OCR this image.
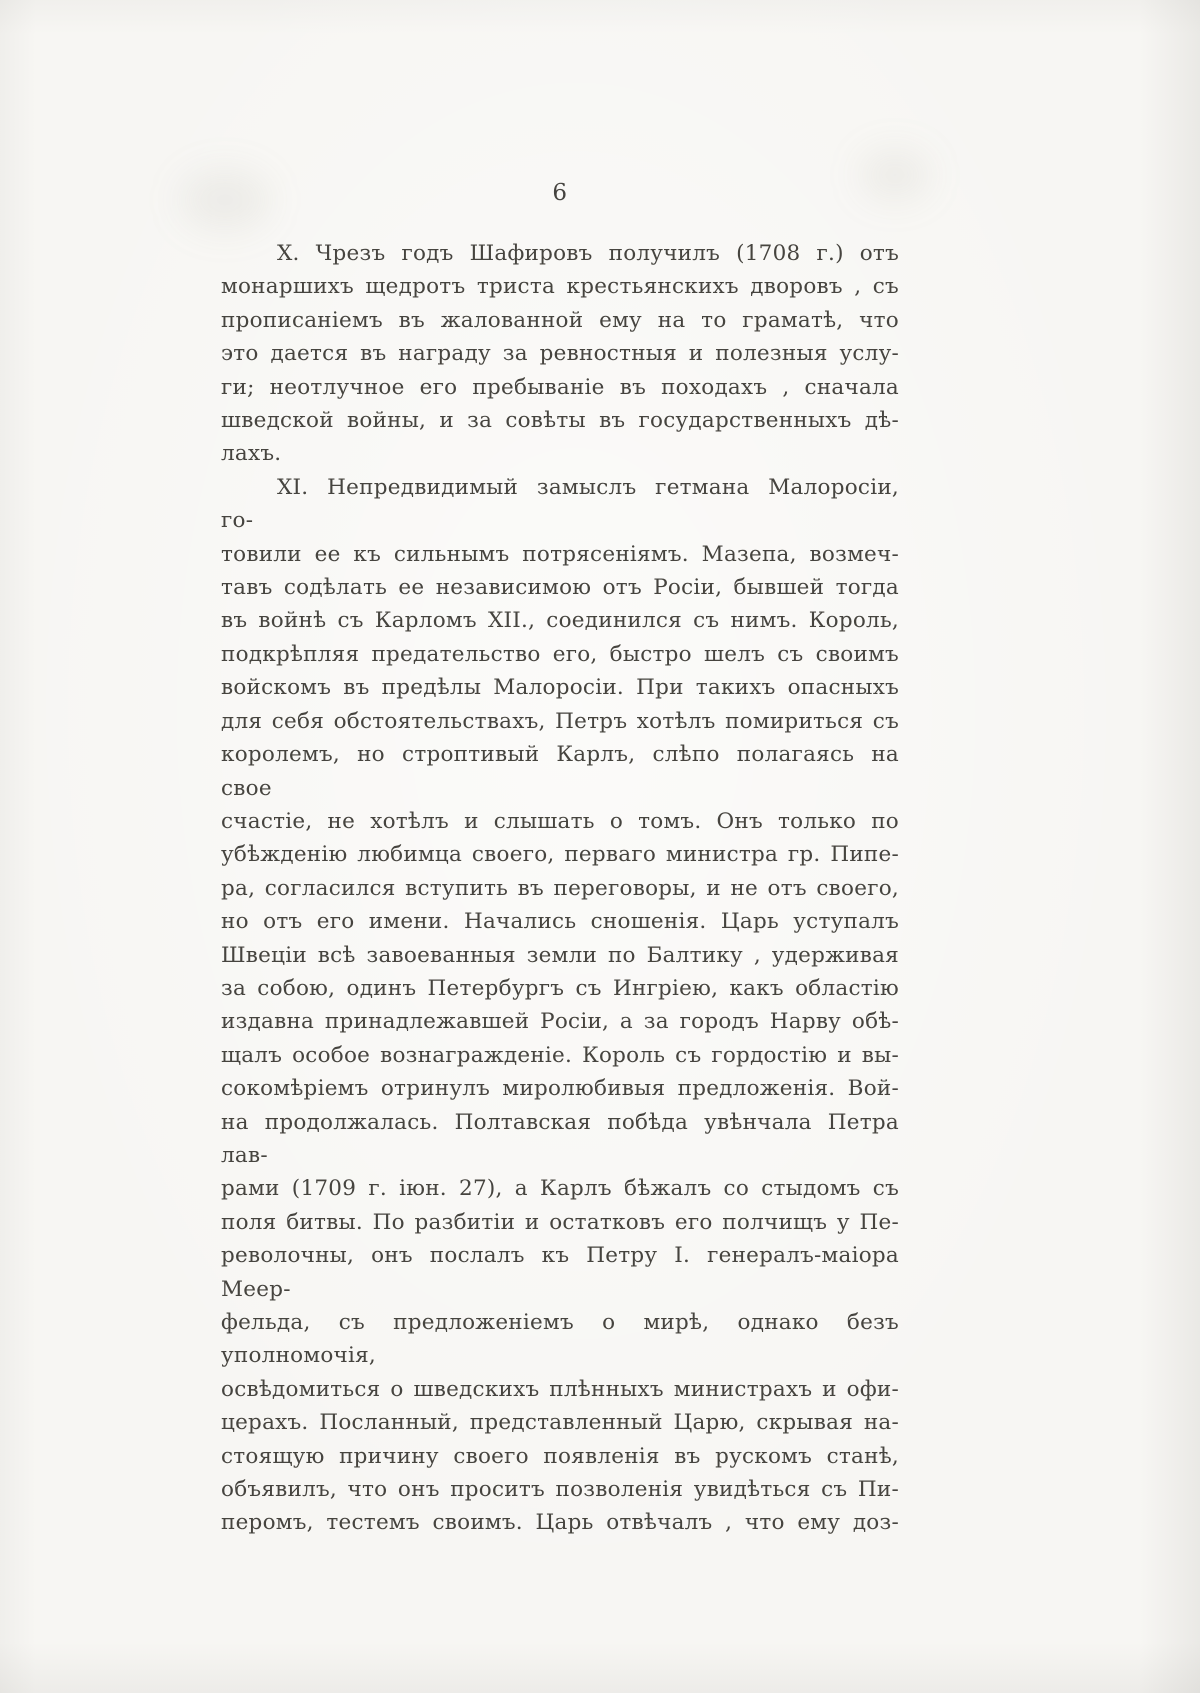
6
X. Чрезъ годъ Шафировъ получилъ (1708 г.) отъ
монаршихъ щедротъ триста крестьянскихъ дворовъ , съ
прописаніемъ въ жалованной ему на то граматѣ, что
это дается въ награду за ревностныя и полезныя услу-
ги; неотлучное его пребываніе въ походахъ , сначала
шведской войны, и за совѣты въ государственныхъ дѣ-
лахъ.
XI. Непредвидимый замыслъ гетмана Малоросіи, го-
товили ее къ сильнымъ потрясеніямъ. Мазепа, возмеч-
тавъ содѣлать ее независимою отъ Росіи, бывшей тогда
въ войнѣ съ Карломъ XII., соединился съ нимъ. Король,
подкрѣпляя предательство его, быстро шелъ съ своимъ
войскомъ въ предѣлы Малоросіи. При такихъ опасныхъ
для себя обстоятельствахъ, Петръ хотѣлъ помириться съ
королемъ, но строптивый Карлъ, слѣпо полагаясь на свое
счастіе, не хотѣлъ и слышать о томъ. Онъ только по
убѣжденію любимца своего, перваго министра гр. Пипе-
ра, согласился вступить въ переговоры, и не отъ своего,
но отъ его имени. Начались сношенія. Царь уступалъ
Швеціи всѣ завоеванныя земли по Балтику , удерживая
за собою, одинъ Петербургъ съ Ингріею, какъ областію
издавна принадлежавшей Росіи, а за городъ Нарву обѣ-
щалъ особое вознагражденіе. Король съ гордостію и вы-
сокомѣріемъ отринулъ миролюбивыя предложенія. Вой-
на продолжалась. Полтавская побѣда увѣнчала Петра лав-
рами (1709 г. іюн. 27), а Карлъ бѣжалъ со стыдомъ съ
поля битвы. По разбитіи и остатковъ его полчищъ у Пе-
револочны, онъ послалъ къ Петру I. генералъ-маіора Меер-
фельда, съ предложеніемъ о мирѣ, однако безъ уполномочія,
освѣдомиться о шведскихъ плѣнныхъ министрахъ и офи-
церахъ. Посланный, представленный Царю, скрывая на-
стоящую причину своего появленія въ рускомъ станѣ,
объявилъ, что онъ проситъ позволенія увидѣться съ Пи-
перомъ, тестемъ своимъ. Царь отвѣчалъ , что ему доз-
